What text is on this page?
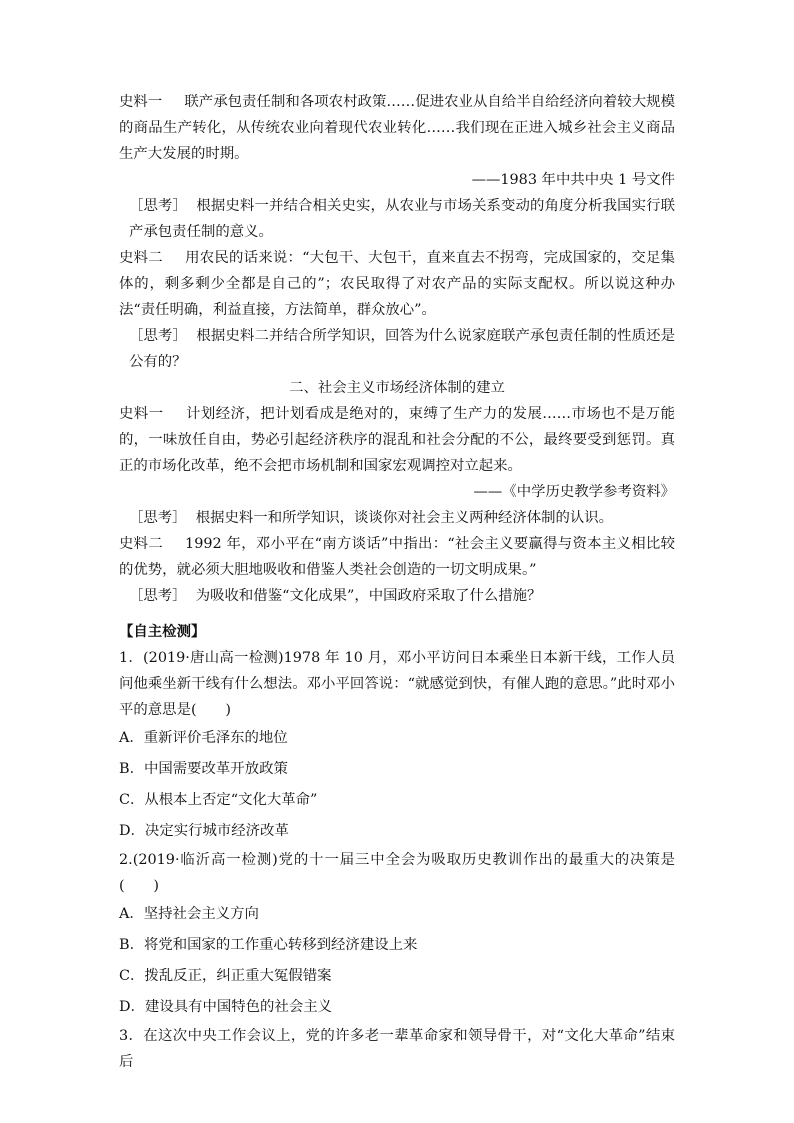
史料一 联产承包责任制和各项农村政策……促进农业从自给半自给经济向着较大规模的商品生产转化，从传统农业向着现代农业转化……我们现在正进入城乡社会主义商品生产大发展的时期。

——1983 年中共中央 1 号文件

［思考］ 根据史料一并结合相关史实，从农业与市场关系变动的角度分析我国实行联产承包责任制的意义。

史料二 用农民的话来说：“大包干、大包干，直来直去不拐弯，完成国家的，交足集体的，剩多剩少全都是自己的”；农民取得了对农产品的实际支配权。所以说这种办法“责任明确，利益直接，方法简单，群众放心”。

［思考］ 根据史料二并结合所学知识，回答为什么说家庭联产承包责任制的性质还是公有的？

二、社会主义市场经济体制的建立

史料一 计划经济，把计划看成是绝对的，束缚了生产力的发展……市场也不是万能的，一味放任自由，势必引起经济秩序的混乱和社会分配的不公，最终要受到惩罚。真正的市场化改革，绝不会把市场机制和国家宏观调控对立起来。

——《中学历史教学参考资料》

［思考］ 根据史料一和所学知识，谈谈你对社会主义两种经济体制的认识。

史料二 1992 年，邓小平在“南方谈话”中指出：“社会主义要赢得与资本主义相比较的优势，就必须大胆地吸收和借鉴人类社会创造的一切文明成果。”

［思考］ 为吸收和借鉴“文化成果”，中国政府采取了什么措施？

【自主检测】

1．(2019·唐山高一检测)1978 年 10 月，邓小平访问日本乘坐日本新干线，工作人员问他乘坐新干线有什么想法。邓小平回答说：“就感觉到快，有催人跑的意思。”此时邓小平的意思是(　　)

A．重新评价毛泽东的地位

B．中国需要改革开放政策

C．从根本上否定“文化大革命”

D．决定实行城市经济改革

2.(2019·临沂高一检测)党的十一届三中全会为吸取历史教训作出的最重大的决策是(　　)

A．坚持社会主义方向

B．将党和国家的工作重心转移到经济建设上来

C．拨乱反正，纠正重大冤假错案

D．建设具有中国特色的社会主义

3．在这次中央工作会议上，党的许多老一辈革命家和领导骨干，对“文化大革命”结束后
